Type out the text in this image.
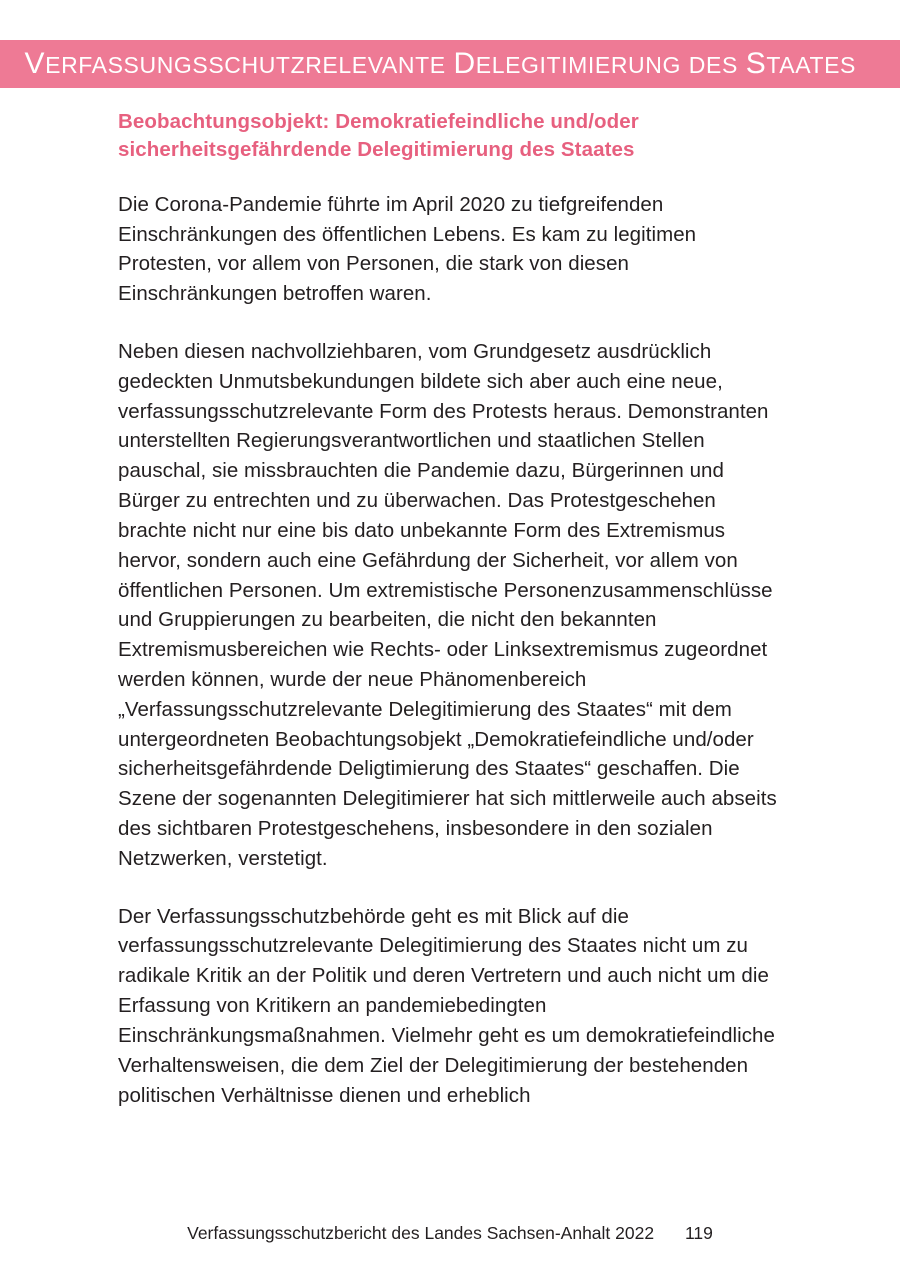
VERFASSUNGSSCHUTZRELEVANTE DELEGITIMIERUNG DES STAATES
Beobachtungsobjekt: Demokratiefeindliche und/oder sicherheitsgefährdende Delegitimierung des Staates

Die Corona-Pandemie führte im April 2020 zu tiefgreifenden Einschränkungen des öffentlichen Lebens. Es kam zu legitimen Protesten, vor allem von Personen, die stark von diesen Einschränkungen betroffen waren.

Neben diesen nachvollziehbaren, vom Grundgesetz ausdrücklich gedeckten Unmutsbekundungen bildete sich aber auch eine neue, verfassungsschutzrelevante Form des Protests heraus. Demonstranten unterstellten Regierungsverantwortlichen und staatlichen Stellen pauschal, sie missbrauchten die Pandemie dazu, Bürgerinnen und Bürger zu entrechten und zu überwachen. Das Protestgeschehen brachte nicht nur eine bis dato unbekannte Form des Extremismus hervor, sondern auch eine Gefährdung der Sicherheit, vor allem von öffentlichen Personen. Um extremistische Personenzusammenschlüsse und Gruppierungen zu bearbeiten, die nicht den bekannten Extremismusbereichen wie Rechts- oder Linksextremismus zugeordnet werden können, wurde der neue Phänomenbereich „Verfassungsschutzrelevante Delegitimierung des Staates“ mit dem untergeordneten Beobachtungsobjekt „Demokratiefeindliche und/oder sicherheitsgefährdende Deligtimierung des Staates“ geschaffen. Die Szene der sogenannten Delegitimierer hat sich mittlerweile auch abseits des sichtbaren Protestgeschehens, insbesondere in den sozialen Netzwerken, verstetigt.

Der Verfassungsschutzbehörde geht es mit Blick auf die verfassungsschutzrelevante Delegitimierung des Staates nicht um zu radikale Kritik an der Politik und deren Vertretern und auch nicht um die Erfassung von Kritikern an pandemiebedingten Einschränkungsmaßnahmen. Vielmehr geht es um demokratiefeindliche Verhaltensweisen, die dem Ziel der Delegitimierung der bestehenden politischen Verhältnisse dienen und erheblich

Verfassungsschutzbericht des Landes Sachsen-Anhalt 2022 119
